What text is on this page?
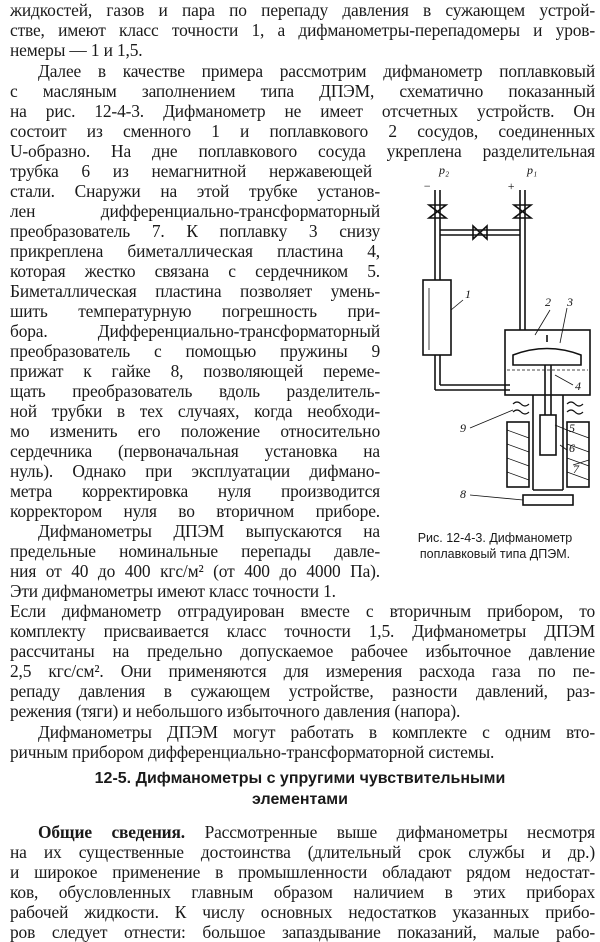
жидкостей, газов и пара по перепаду давления в сужающем устрой-
стве, имеют класс точности 1, а дифманометры-перепадомеры и уров-
немеры — 1 и 1,5.
Далее в качестве примера рассмотрим дифманометр поплавковый
с масляным заполнением типа ДПЭМ, схематично показанный
на рис. 12-4-3. Дифманометр не имеет отсчетных устройств. Он
состоит из сменного 1 и поплавкового 2 сосудов, соединенных
U-образно. На дне поплавкового сосуда укреплена разделительная
трубка 6 из немагнитной нержавеющей
стали. Снаружи на этой трубке установ-
лен дифференциально-трансформаторный
преобразователь 7. К поплавку 3 снизу
прикреплена биметаллическая пластина 4,
которая жестко связана с сердечником 5.
Биметаллическая пластина позволяет умень-
шить температурную погрешность при-
бора. Дифференциально-трансформаторный
преобразователь с помощью пружины 9
прижат к гайке 8, позволяющей переме-
щать преобразователь вдоль разделитель-
ной трубки в тех случаях, когда необходи-
мо изменить его положение относительно
сердечника (первоначальная установка на
нуль). Однако при эксплуатации дифмано-
метра корректировка нуля производится
корректором нуля во вторичном приборе.
Дифманометры ДПЭМ выпускаются на
предельные номинальные перепады давле-
ния от 40 до 400 кгс/м² (от 400 до 4000 Па).
Эти дифманометры имеют класс точности 1.
Если дифманометр отградуирован вместе с вторичным прибором, то
комплекту присваивается класс точности 1,5. Дифманометры ДПЭМ
рассчитаны на предельно допускаемое рабочее избыточное давление
2,5 кгс/см². Они применяются для измерения расхода газа по пе-
репаду давления в сужающем устройстве, разности давлений, раз-
режения (тяги) и небольшого избыточного давления (напора).
Дифманометры ДПЭМ могут работать в комплекте с одним вто-
ричным прибором дифференциально-трансформаторной системы.
12-5. Дифманометры с упругими чувствительными
элементами
Общие сведения. Рассмотренные выше дифманометры несмотря
на их существенные достоинства (длительный срок службы и др.)
и широкое применение в промышленности обладают рядом недостат-
ков, обусловленных главным образом наличием в этих приборах
рабочей жидкости. К числу основных недостатков указанных прибо-
ров следует отнести: большое запаздывание показаний, малые рабо-
p₂	p₁
−	+
1
2 3
4
5
6
7
8
9
Рис. 12-4-3. Дифманометр
поплавковый типа ДПЭМ.
